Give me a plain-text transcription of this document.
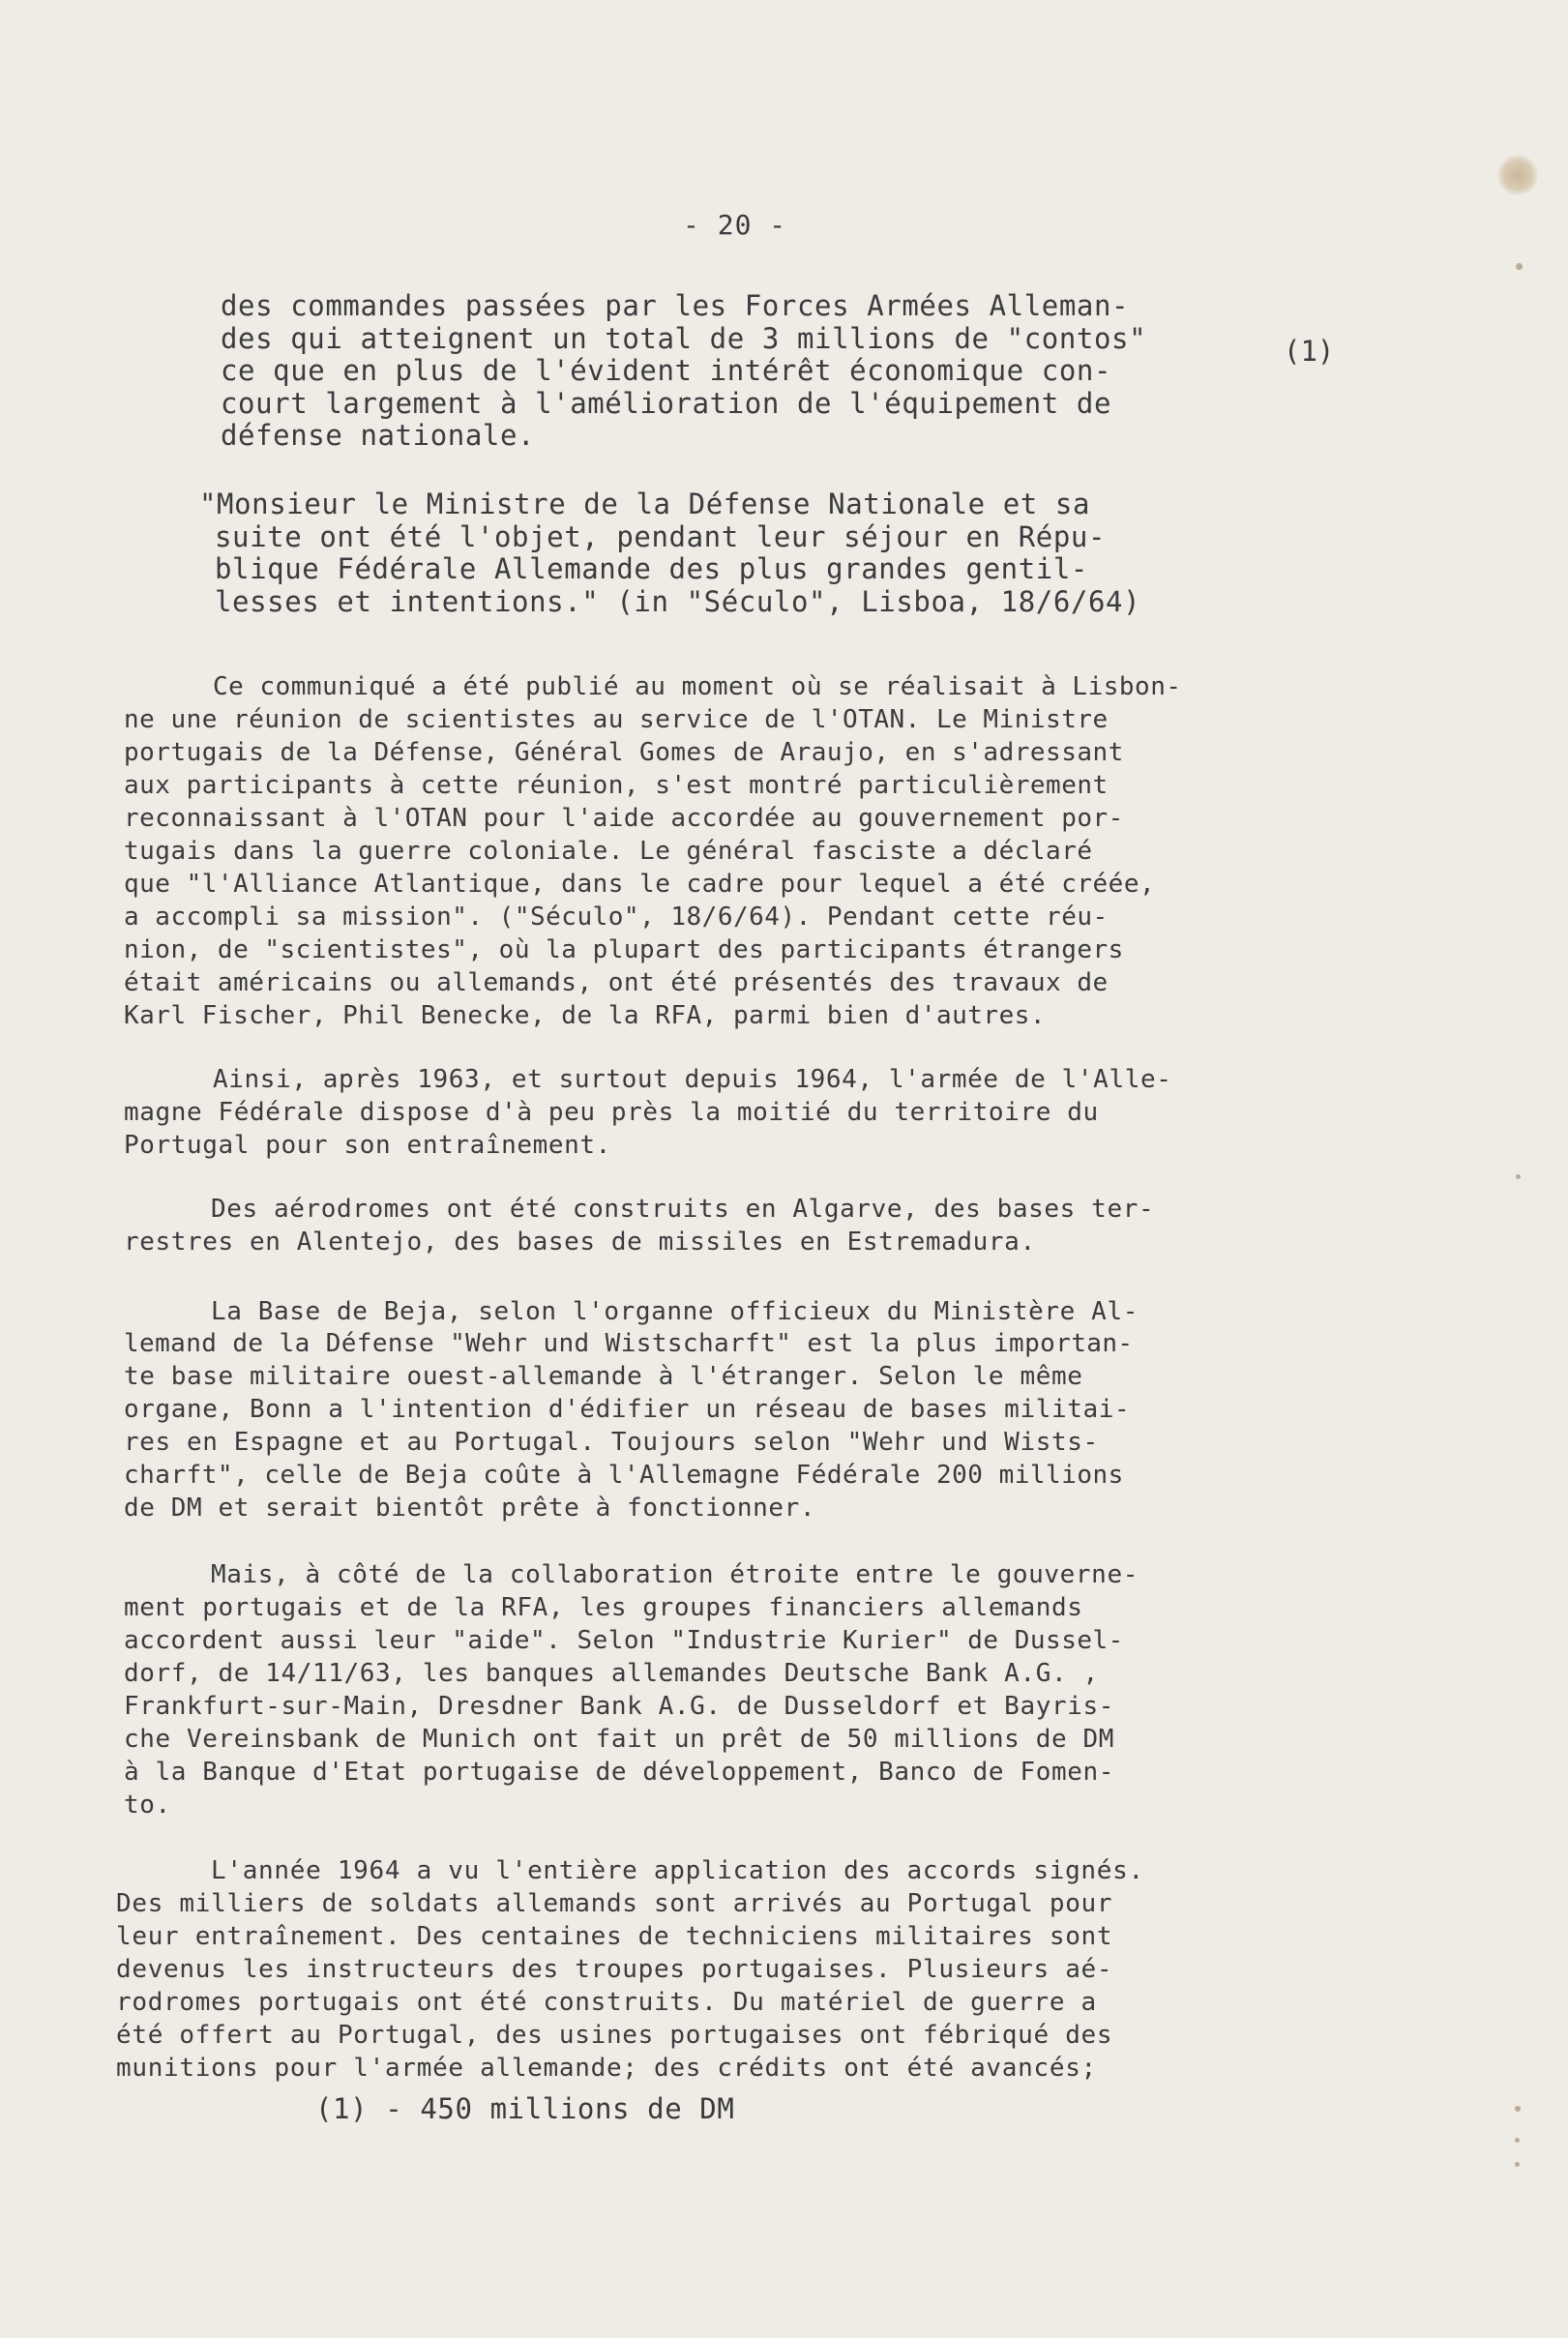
- 20 -
des commandes passées par les Forces Armées Alleman-
des qui atteignent un total de 3 millions de "contos"
ce que en plus de l'évident intérêt économique con-
court largement à l'amélioration de l'équipement de
défense nationale.
(1)
"Monsieur le Ministre de la Défense Nationale et sa
suite ont été l'objet, pendant leur séjour en Répu-
blique Fédérale Allemande des plus grandes gentil-
lesses et intentions." (in "Século", Lisboa, 18/6/64)
Ce communiqué a été publié au moment où se réalisait à Lisbon-
ne une réunion de scientistes au service de l'OTAN. Le Ministre
portugais de la Défense, Général Gomes de Araujo, en s'adressant
aux participants à cette réunion, s'est montré particulièrement
reconnaissant à l'OTAN pour l'aide accordée au gouvernement por-
tugais dans la guerre coloniale. Le général fasciste a déclaré
que "l'Alliance Atlantique, dans le cadre pour lequel a été créée,
a accompli sa mission". ("Século", 18/6/64). Pendant cette réu-
nion, de "scientistes", où la plupart des participants étrangers
était américains ou allemands, ont été présentés des travaux de
Karl Fischer, Phil Benecke, de la RFA, parmi bien d'autres.
Ainsi, après 1963, et surtout depuis 1964, l'armée de l'Alle-
magne Fédérale dispose d'à peu près la moitié du territoire du
Portugal pour son entraînement.
Des aérodromes ont été construits en Algarve, des bases ter-
restres en Alentejo, des bases de missiles en Estremadura.
La Base de Beja, selon l'organne officieux du Ministère Al-
lemand de la Défense "Wehr und Wistscharft" est la plus importan-
te base militaire ouest-allemande à l'étranger. Selon le même
organe, Bonn a l'intention d'édifier un réseau de bases militai-
res en Espagne et au Portugal. Toujours selon "Wehr und Wists-
charft", celle de Beja coûte à l'Allemagne Fédérale 200 millions
de DM et serait bientôt prête à fonctionner.
Mais, à côté de la collaboration étroite entre le gouverne-
ment portugais et de la RFA, les groupes financiers allemands
accordent aussi leur "aide". Selon "Industrie Kurier" de Dussel-
dorf, de 14/11/63, les banques allemandes Deutsche Bank A.G. ,
Frankfurt-sur-Main, Dresdner Bank A.G. de Dusseldorf et Bayris-
che Vereinsbank de Munich ont fait un prêt de 50 millions de DM
à la Banque d'Etat portugaise de développement, Banco de Fomen-
to.
L'année 1964 a vu l'entière application des accords signés.
Des milliers de soldats allemands sont arrivés au Portugal pour
leur entraînement. Des centaines de techniciens militaires sont
devenus les instructeurs des troupes portugaises. Plusieurs aé-
rodromes portugais ont été construits. Du matériel de guerre a
été offert au Portugal, des usines portugaises ont fébriqué des
munitions pour l'armée allemande; des crédits ont été avancés;
(1) - 450 millions de DM
